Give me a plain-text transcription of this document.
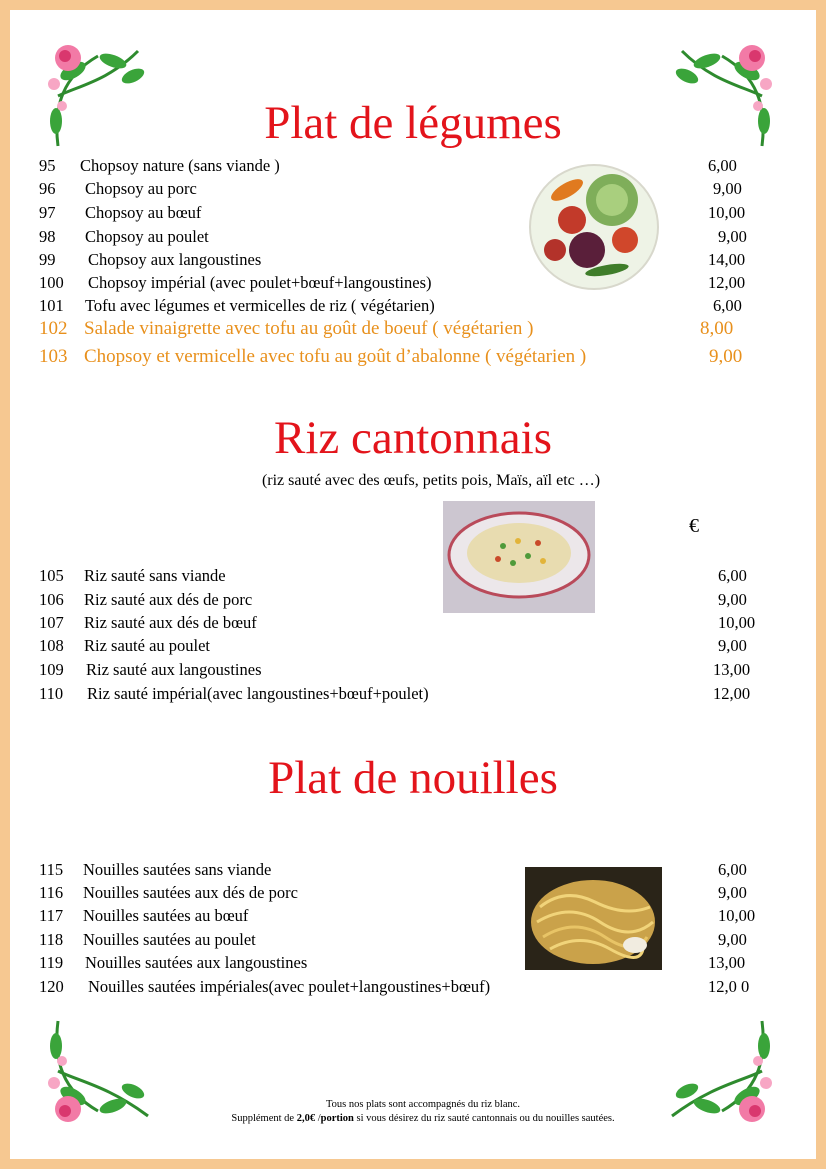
Plat de légumes
95 Chopsoy nature (sans viande )	6,00
96 Chopsoy au porc	9,00
97 Chopsoy au bœuf	10,00
98 Chopsoy au poulet	9,00
99 Chopsoy aux langoustines	14,00
100 Chopsoy impérial (avec poulet+bœuf+langoustines)	12,00
101 Tofu avec légumes et vermicelles de riz ( végétarien)	6,00
102 Salade vinaigrette avec tofu au goût de boeuf ( végétarien )	8,00
103 Chopsoy et vermicelle avec tofu au goût d’abalonne ( végétarien )	9,00
Riz cantonnais
(riz sauté avec des œufs, petits pois, Maïs, aïl etc …)
€
105 Riz sauté sans viande	6,00
106 Riz sauté aux dés de porc	9,00
107 Riz sauté aux dés de bœuf	10,00
108 Riz sauté au poulet	9,00
109 Riz sauté aux langoustines	13,00
110 Riz sauté impérial(avec langoustines+bœuf+poulet)	12,00
Plat de nouilles
115 Nouilles sautées sans viande	6,00
116 Nouilles sautées aux dés de porc	9,00
117 Nouilles sautées au bœuf	10,00
118 Nouilles sautées au poulet	9,00
119 Nouilles sautées aux langoustines	13,00
120 Nouilles sautées impériales(avec poulet+langoustines+bœuf)	12,0 0
Tous nos plats sont accompagnés du riz blanc.
Supplément de 2,0€ /portion si vous désirez du riz sauté cantonnais ou du nouilles sautées.
